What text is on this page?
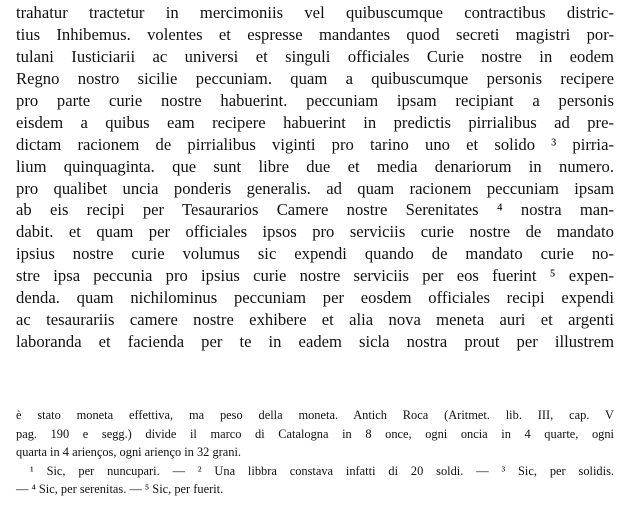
trahatur tractetur in mercimoniis vel quibuscumque contractibus distric-
tius Inhibemus. volentes et espresse mandantes quod secreti magistri por-
tulani Iusticiarii ac universi et singuli officiales Curie nostre in eodem
Regno nostro sicilie peccuniam. quam a quibuscumque personis recipere
pro parte curie nostre habuerint. peccuniam ipsam recipiant a personis
eisdem a quibus eam recipere habuerint in predictis pirrialibus ad pre-
dictam racionem de pirrialibus viginti pro tarino uno et solido ³ pirria-
lium quinquaginta. que sunt libre due et media denariorum in numero.
pro qualibet uncia ponderis generalis. ad quam racionem peccuniam ipsam
ab eis recipi per Tesaurarios Camere nostre Serenitates ⁴ nostra man-
dabit. et quam per officiales ipsos pro serviciis curie nostre de mandato
ipsius nostre curie volumus sic expendi quando de mandato curie no-
stre ipsa peccunia pro ipsius curie nostre serviciis per eos fuerint ⁵ expen-
denda. quam nichilominus peccuniam per eosdem officiales recipi expendi
ac tesaurariis camere nostre exhibere et alia nova meneta auri et argenti
laboranda et facienda per te in eadem sicla nostra prout per illustrem
è stato moneta effettiva, ma peso della moneta. Antich Roca (Aritmet. lib. III, cap. V
pag. 190 e segg.) divide il marco di Catalogna in 8 once, ogni oncia in 4 quarte, ogni
quarta in 4 arienços, ogni arienço in 32 grani.
¹ Sic, per nuncupari. — ² Una libbra constava infatti di 20 soldi. — ³ Sic, per solidis.
— ⁴ Sic, per serenitas. — ⁵ Sic, per fuerit.
